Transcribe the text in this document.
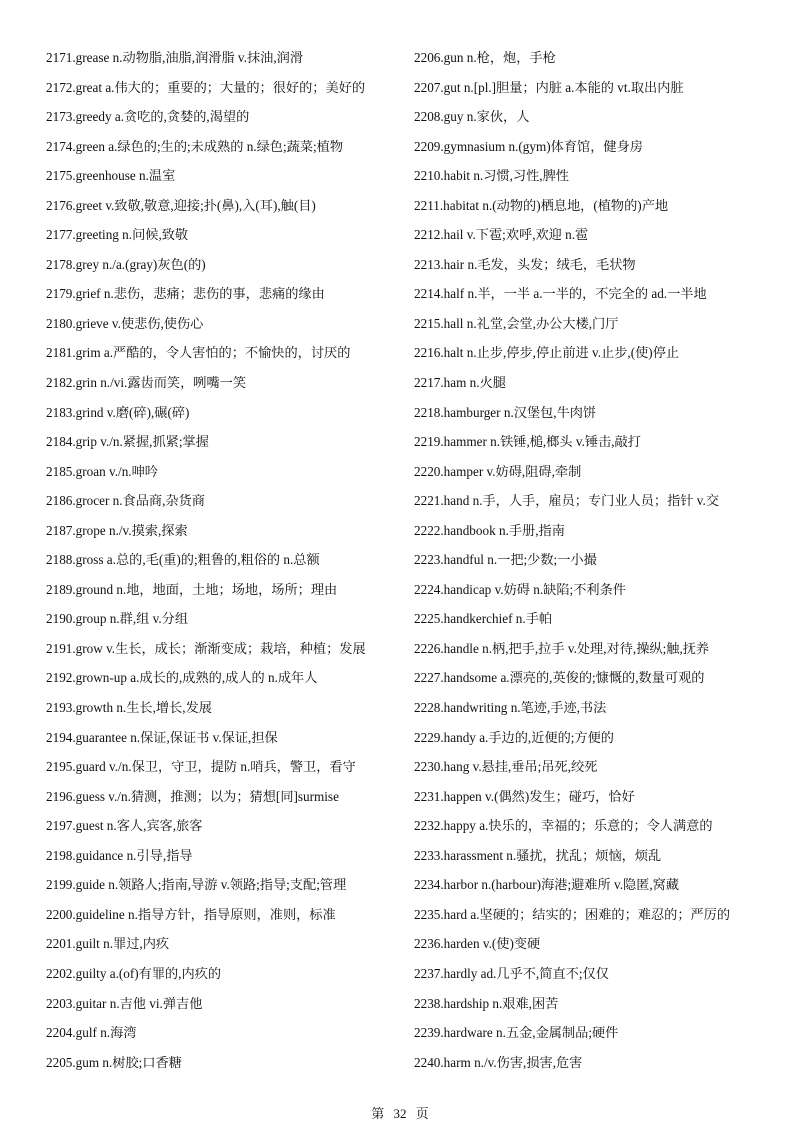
2171.grease n.动物脂,油脂,润滑脂 v.抹油,润滑
2172.great a.伟大的；重要的；大量的；很好的；美好的
2173.greedy a.贪吃的,贪婪的,渴望的
2174.green a.绿色的;生的;未成熟的 n.绿色;蔬菜;植物
2175.greenhouse n.温室
2176.greet v.致敬,敬意,迎接;扑(鼻),入(耳),触(目)
2177.greeting n.问候,致敬
2178.grey n./a.(gray)灰色(的)
2179.grief n.悲伤，悲痛；悲伤的事，悲痛的缘由
2180.grieve v.使悲伤,使伤心
2181.grim a.严酷的，令人害怕的；不愉快的，讨厌的
2182.grin n./vi.露齿而笑，咧嘴一笑
2183.grind v.磨(碎),碾(碎)
2184.grip v./n.紧握,抓紧;掌握
2185.groan v./n.呻吟
2186.grocer n.食品商,杂货商
2187.grope n./v.摸索,探索
2188.gross a.总的,毛(重)的;粗鲁的,粗俗的 n.总额
2189.ground n.地，地面，土地；场地，场所；理由
2190.group n.群,组 v.分组
2191.grow v.生长，成长；渐渐变成；栽培，种植；发展
2192.grown-up a.成长的,成熟的,成人的 n.成年人
2193.growth n.生长,增长,发展
2194.guarantee n.保证,保证书 v.保证,担保
2195.guard v./n.保卫，守卫，提防 n.哨兵，警卫，看守
2196.guess v./n.猜测，推测；以为；猜想[同]surmise
2197.guest n.客人,宾客,旅客
2198.guidance n.引导,指导
2199.guide n.领路人;指南,导游 v.领路;指导;支配;管理
2200.guideline n.指导方针，指导原则，准则，标准
2201.guilt n.罪过,内疚
2202.guilty a.(of)有罪的,内疚的
2203.guitar n.吉他 vi.弹吉他
2204.gulf n.海湾
2205.gum n.树胶;口香糖
2206.gun n.枪，炮，手枪
2207.gut n.[pl.]胆量；内脏 a.本能的 vt.取出内脏
2208.guy n.家伙，人
2209.gymnasium n.(gym)体育馆，健身房
2210.habit n.习惯,习性,脾性
2211.habitat n.(动物的)栖息地，(植物的)产地
2212.hail v.下雹;欢呼,欢迎 n.雹
2213.hair n.毛发，头发；绒毛，毛状物
2214.half n.半，一半 a.一半的，不完全的 ad.一半地
2215.hall n.礼堂,会堂,办公大楼,门厅
2216.halt n.止步,停步,停止前进 v.止步,(使)停止
2217.ham n.火腿
2218.hamburger n.汉堡包,牛肉饼
2219.hammer n.铁锤,槌,榔头 v.锤击,敲打
2220.hamper v.妨碍,阻碍,牵制
2221.hand n.手，人手，雇员；专门业人员；指针 v.交
2222.handbook n.手册,指南
2223.handful n.一把;少数;一小撮
2224.handicap v.妨碍 n.缺陷;不利条件
2225.handkerchief n.手帕
2226.handle n.柄,把手,拉手 v.处理,对待,操纵;触,抚养
2227.handsome a.漂亮的,英俊的;慷慨的,数量可观的
2228.handwriting n.笔迹,手迹,书法
2229.handy a.手边的,近便的;方便的
2230.hang v.悬挂,垂吊;吊死,绞死
2231.happen v.(偶然)发生；碰巧，恰好
2232.happy a.快乐的，幸福的；乐意的；令人满意的
2233.harassment n.骚扰，扰乱；烦恼，烦乱
2234.harbor n.(harbour)海港;避难所 v.隐匿,窝藏
2235.hard a.坚硬的；结实的；困难的；难忍的；严厉的
2236.harden v.(使)变硬
2237.hardly ad.几乎不,简直不;仅仅
2238.hardship n.艰难,困苦
2239.hardware n.五金,金属制品;硬件
2240.harm n./v.伤害,损害,危害
第 32 页
